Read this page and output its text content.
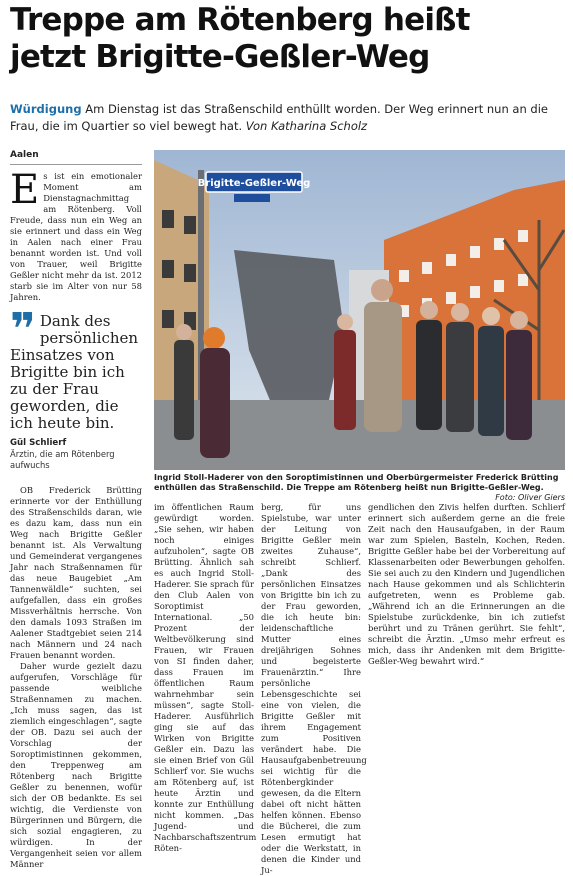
Treppe am Rötenberg heißt
jetzt Brigitte-Geßler-Weg
Würdigung Am Dienstag ist das Straßenschild enthüllt worden. Der Weg erinnert nun an die Frau, die im Quartier so viel bewegt hat. Von Katharina Scholz
Aalen

Es ist ein emotionaler Moment am Dienstagnachmittag am Rötenberg. Voll Freude, dass nun ein Weg an sie erinnert und dass ein Weg in Aalen nach einer Frau benannt worden ist. Und voll von Trauer, weil Brigitte Geßler nicht mehr da ist. 2012 starb sie im Alter von nur 58 Jahren.

❞ Dank des persönlichen Einsatzes von Brigitte bin ich zu der Frau geworden, die ich heute bin.
Gül Schlierf
Ärztin, die am Rötenberg aufwuchs

OB Frederick Brütting erinnerte vor der Enthüllung des Straßenschilds daran, wie es dazu kam, dass nun ein Weg nach Brigitte Geßler benannt ist. Als Verwaltung und Gemeinderat vergangenes Jahr nach Straßennamen für das neue Baugebiet „Am Tannenwäldle“ suchten, sei aufgefallen, dass ein großes Missverhältnis herrsche. Von den damals 1093 Straßen im Aalener Stadtgebiet seien 214 nach Männern und 24 nach Frauen benannt worden.

Daher wurde gezielt dazu aufgerufen, Vorschläge für passende weibliche Straßennamen zu machen. „Ich muss sagen, das ist ziemlich eingeschlagen“, sagte der OB. Dazu sei auch der Vorschlag der Soroptimistinnen gekommen, den Treppenweg am Rötenberg nach Brigitte Geßler zu benennen, wofür sich der OB bedankte. Es sei wichtig, die Verdienste von Bürgerinnen und Bürgern, die sich sozial engagieren, zu würdigen. In der Vergangenheit seien vor allem Männer

Brigitte-Geßler-Weg
Ingrid Stoll-Haderer von den Soroptimistinnen und Oberbürgermeister Frederick Brütting enthüllen das Straßenschild. Die Treppe am Rötenberg heißt nun Brigitte-Geßler-Weg.
Foto: Oliver Giers

im öffentlichen Raum gewürdigt worden. „Sie sehen, wir haben noch einiges aufzuholen“, sagte OB Brütting. Ähnlich sah es auch Ingrid Stoll-Haderer. Sie sprach für den Club Aalen von Soroptimist International. „50 Prozent der Weltbevölkerung sind Frauen, wir Frauen von SI finden daher, dass Frauen im öffentlichen Raum wahrnehmbar sein müssen“, sagte Stoll-Haderer. Ausführlich ging sie auf das Wirken von Brigitte Geßler ein. Dazu las sie einen Brief von Gül Schlierf vor. Sie wuchs am Rötenberg auf, ist heute Ärztin und konnte zur Enthüllung nicht kommen. „Das Jugend- und Nachbarschaftszentrum Röten-

berg, für uns Spielstube, war unter der Leitung von Brigitte Geßler mein zweites Zuhause“, schreibt Schlierf. „Dank des persönlichen Einsatzes von Brigitte bin ich zu der Frau geworden, die ich heute bin: leidenschaftliche Mutter eines dreijährigen Sohnes und begeisterte Frauenärztin.“ Ihre persönliche Lebensgeschichte sei eine von vielen, die Brigitte Geßler mit ihrem Engagement zum Positiven verändert habe. Die Hausaufgabenbetreuung sei wichtig für die Rötenbergkinder gewesen, da die Eltern dabei oft nicht hätten helfen können. Ebenso die Bücherei, die zum Lesen ermutigt hat oder die Werkstatt, in denen die Kinder und Ju-

gendlichen den Zivis helfen durften. Schlierf erinnert sich außerdem gerne an die freie Zeit nach den Hausaufgaben, in der Raum war zum Spielen, Basteln, Kochen, Reden. Brigitte Geßler habe bei der Vorbereitung auf Klassenarbeiten oder Bewerbungen geholfen. Sie sei auch zu den Kindern und Jugendlichen nach Hause gekommen und als Schlichterin aufgetreten, wenn es Probleme gab. „Während ich an die Erinnerungen an die Spielstube zurückdenke, bin ich zutiefst berührt und zu Tränen gerührt. Sie fehlt“, schreibt die Ärztin. „Umso mehr erfreut es mich, dass ihr Andenken mit dem Brigitte-Geßler-Weg bewahrt wird.“
